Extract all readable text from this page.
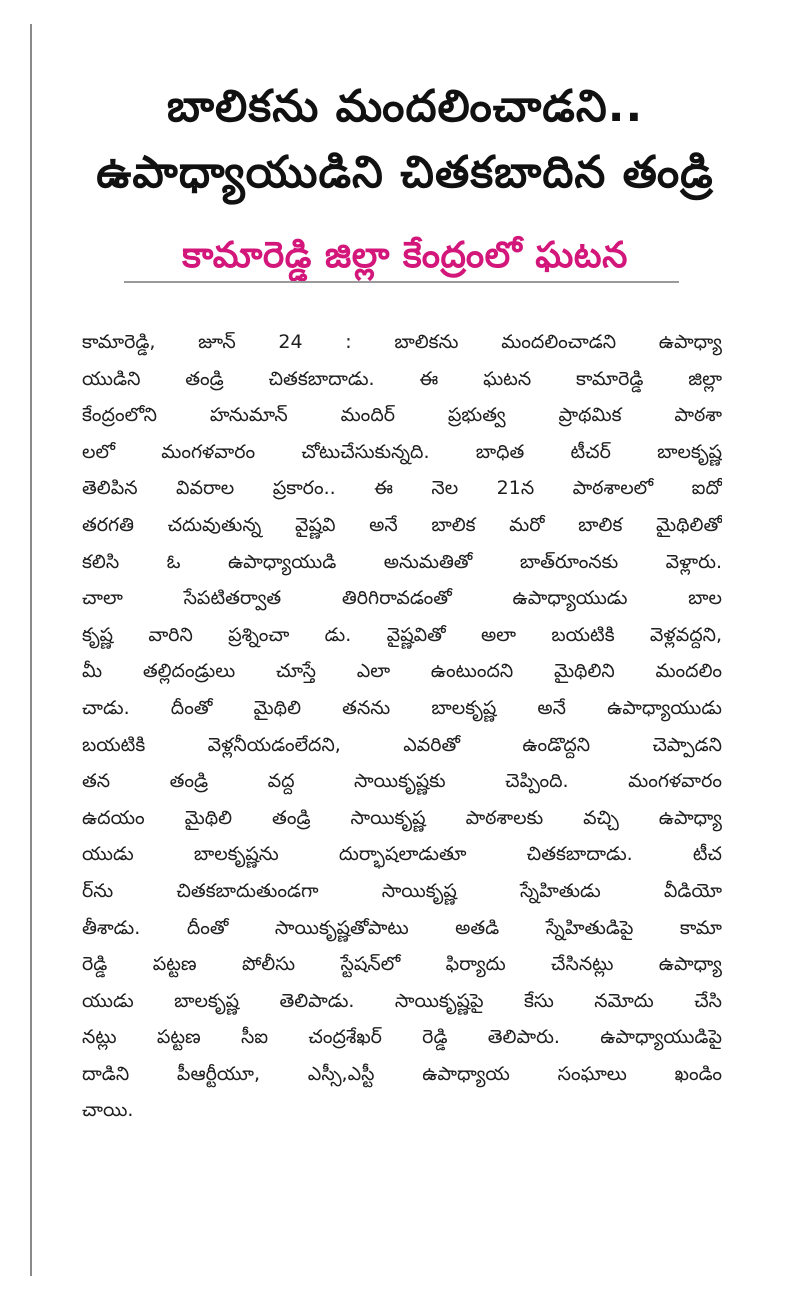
బాలికను మందలించాడని..
ఉపాధ్యాయుడిని చితకబాదిన తండ్రి
కామారెడ్డి జిల్లా కేంద్రంలో ఘటన
కామారెడ్డి, జూన్ 24 : బాలికను మందలించాడని ఉపాధ్యా
యుడిని తండ్రి చితకబాదాడు. ఈ ఘటన కామారెడ్డి జిల్లా
కేంద్రంలోని హనుమాన్ మందిర్ ప్రభుత్వ ప్రాథమిక పాఠశా
లలో మంగళవారం చోటుచేసుకున్నది. బాధిత టీచర్ బాలకృష్ణ
తెలిపిన వివరాల ప్రకారం.. ఈ నెల 21న పాఠశాలలో ఐదో
తరగతి చదువుతున్న వైష్ణవి అనే బాలిక మరో బాలిక మైథిలితో
కలిసి ఓ ఉపాధ్యాయుడి అనుమతితో బాత్‌రూంనకు వెళ్లారు.
చాలా సేపటితర్వాత తిరిగిరావడంతో ఉపాధ్యాయుడు బాల
కృష్ణ వారిని ప్రశ్నించా డు. వైష్ణవితో అలా బయటికి వెళ్లవద్దని,
మీ తల్లిదండ్రులు చూస్తే ఎలా ఉంటుందని మైథిలిని మందలిం
చాడు. దీంతో మైథిలి తనను బాలకృష్ణ అనే ఉపాధ్యాయుడు
బయటికి వెళ్లనీయడంలేదని, ఎవరితో ఉండొద్దని చెప్పాడని
తన తండ్రి వద్ద సాయికృష్ణకు చెప్పింది. మంగళవారం
ఉదయం మైథిలి తండ్రి సాయికృష్ణ పాఠశాలకు వచ్చి ఉపాధ్యా
యుడు బాలకృష్ణను దుర్భాషలాడుతూ చితకబాదాడు. టీచ
ర్‌ను చితకబాదుతుండగా సాయికృష్ణ స్నేహితుడు వీడియో
తీశాడు. దీంతో సాయికృష్ణతోపాటు అతడి స్నేహితుడిపై కామా
రెడ్డి పట్టణ పోలీసు స్టేషన్‌లో ఫిర్యాదు చేసినట్లు ఉపాధ్యా
యుడు బాలకృష్ణ తెలిపాడు. సాయికృష్ణపై కేసు నమోదు చేసి
నట్లు పట్టణ సీఐ చంద్రశేఖర్ రెడ్డి తెలిపారు. ఉపాధ్యాయుడిపై
దాడిని పీఆర్టీయూ, ఎస్సీ,ఎస్టీ ఉపాధ్యాయ సంఘాలు ఖండిం
చాయి.
